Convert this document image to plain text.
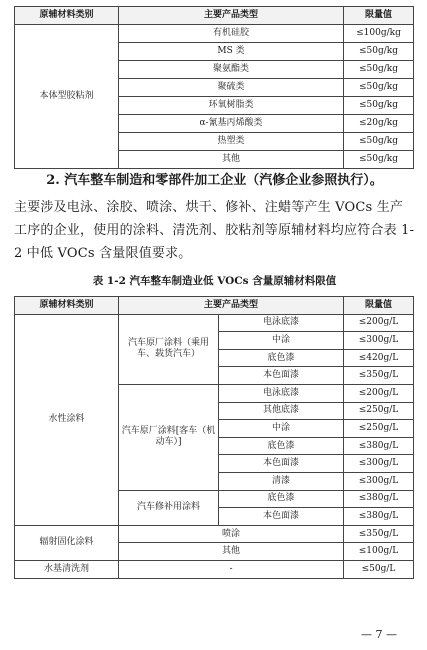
原辅材料类别	主要产品类型	限量值
本体型胶粘剂	有机硅胶	≤100g/kg
	MS 类	≤50g/kg
	聚氨酯类	≤50g/kg
	聚硫类	≤50g/kg
	环氧树脂类	≤50g/kg
	α-氰基丙烯酸类	≤20g/kg
	热塑类	≤50g/kg
	其他	≤50g/kg
2. 汽车整车制造和零部件加工企业（汽修企业参照执行）。
主要涉及电泳、涂胶、喷涂、烘干、修补、注蜡等产生 VOCs 生产工序的企业，使用的涂料、清洗剂、胶粘剂等原辅材料均应符合表 1-2 中低 VOCs 含量限值要求。
表 1-2 汽车整车制造业低 VOCs 含量原辅材料限值
原辅材料类别	主要产品类型		限量值
水性涂料	汽车原厂涂料（乘用车、载货汽车）	电泳底漆	≤200g/L
		中涂	≤300g/L
		底色漆	≤420g/L
		本色面漆	≤350g/L
	汽车原厂涂料[客车（机动车）]	电泳底漆	≤200g/L
		其他底漆	≤250g/L
		中涂	≤250g/L
		底色漆	≤380g/L
		本色面漆	≤300g/L
		清漆	≤300g/L
	汽车修补用涂料	底色漆	≤380g/L
		本色面漆	≤380g/L
辐射固化涂料	喷涂		≤350g/L
	其他		≤100g/L
水基清洗剂	-		≤50g/L
— 7 —
